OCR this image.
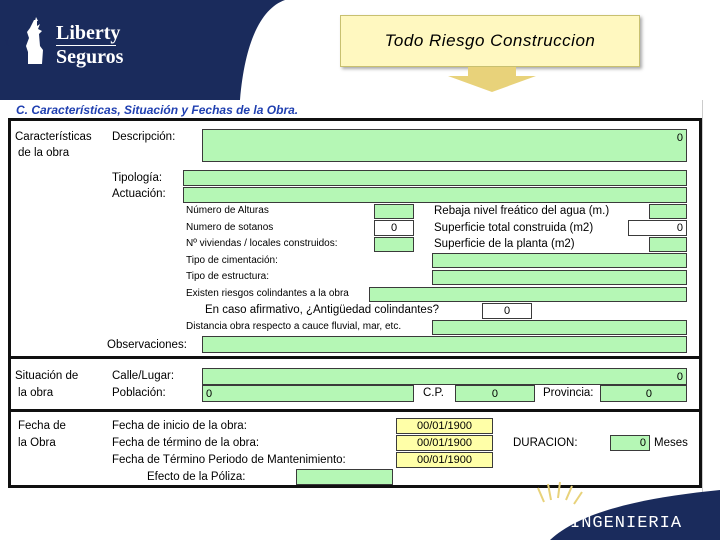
1 Liberty
Seguros
Todo Riesgo Construccion
C. Características, Situación y Fechas de la Obra.
Características
de la obra
Descripción:	0
Tipología:
Actuación:
Número de Alturas
Numero de sotanos	0
Nº viviendas / locales construidos:
Rebaja nivel freático del agua (m.)
Superficie total construida (m2)	0
Superficie de la planta (m2)
Tipo de cimentación:
Tipo de estructura:
Existen riesgos colindantes a la obra
En caso afirmativo, ¿Antigüedad colindantes?	0
Distancia obra respecto a cauce fluvial, mar, etc.
Observaciones:
Situación de
la obra
Calle/Lugar:	0
Población:	0	C.P.	0	Provincia:	0
Fecha de
la Obra
Fecha de inicio de la obra:	00/01/1900
Fecha de término de la obra:	00/01/1900
Fecha de Término Periodo de Mantenimiento:	00/01/1900
Efecto de la Póliza:
DURACION:	0 Meses
INGENIERIA
